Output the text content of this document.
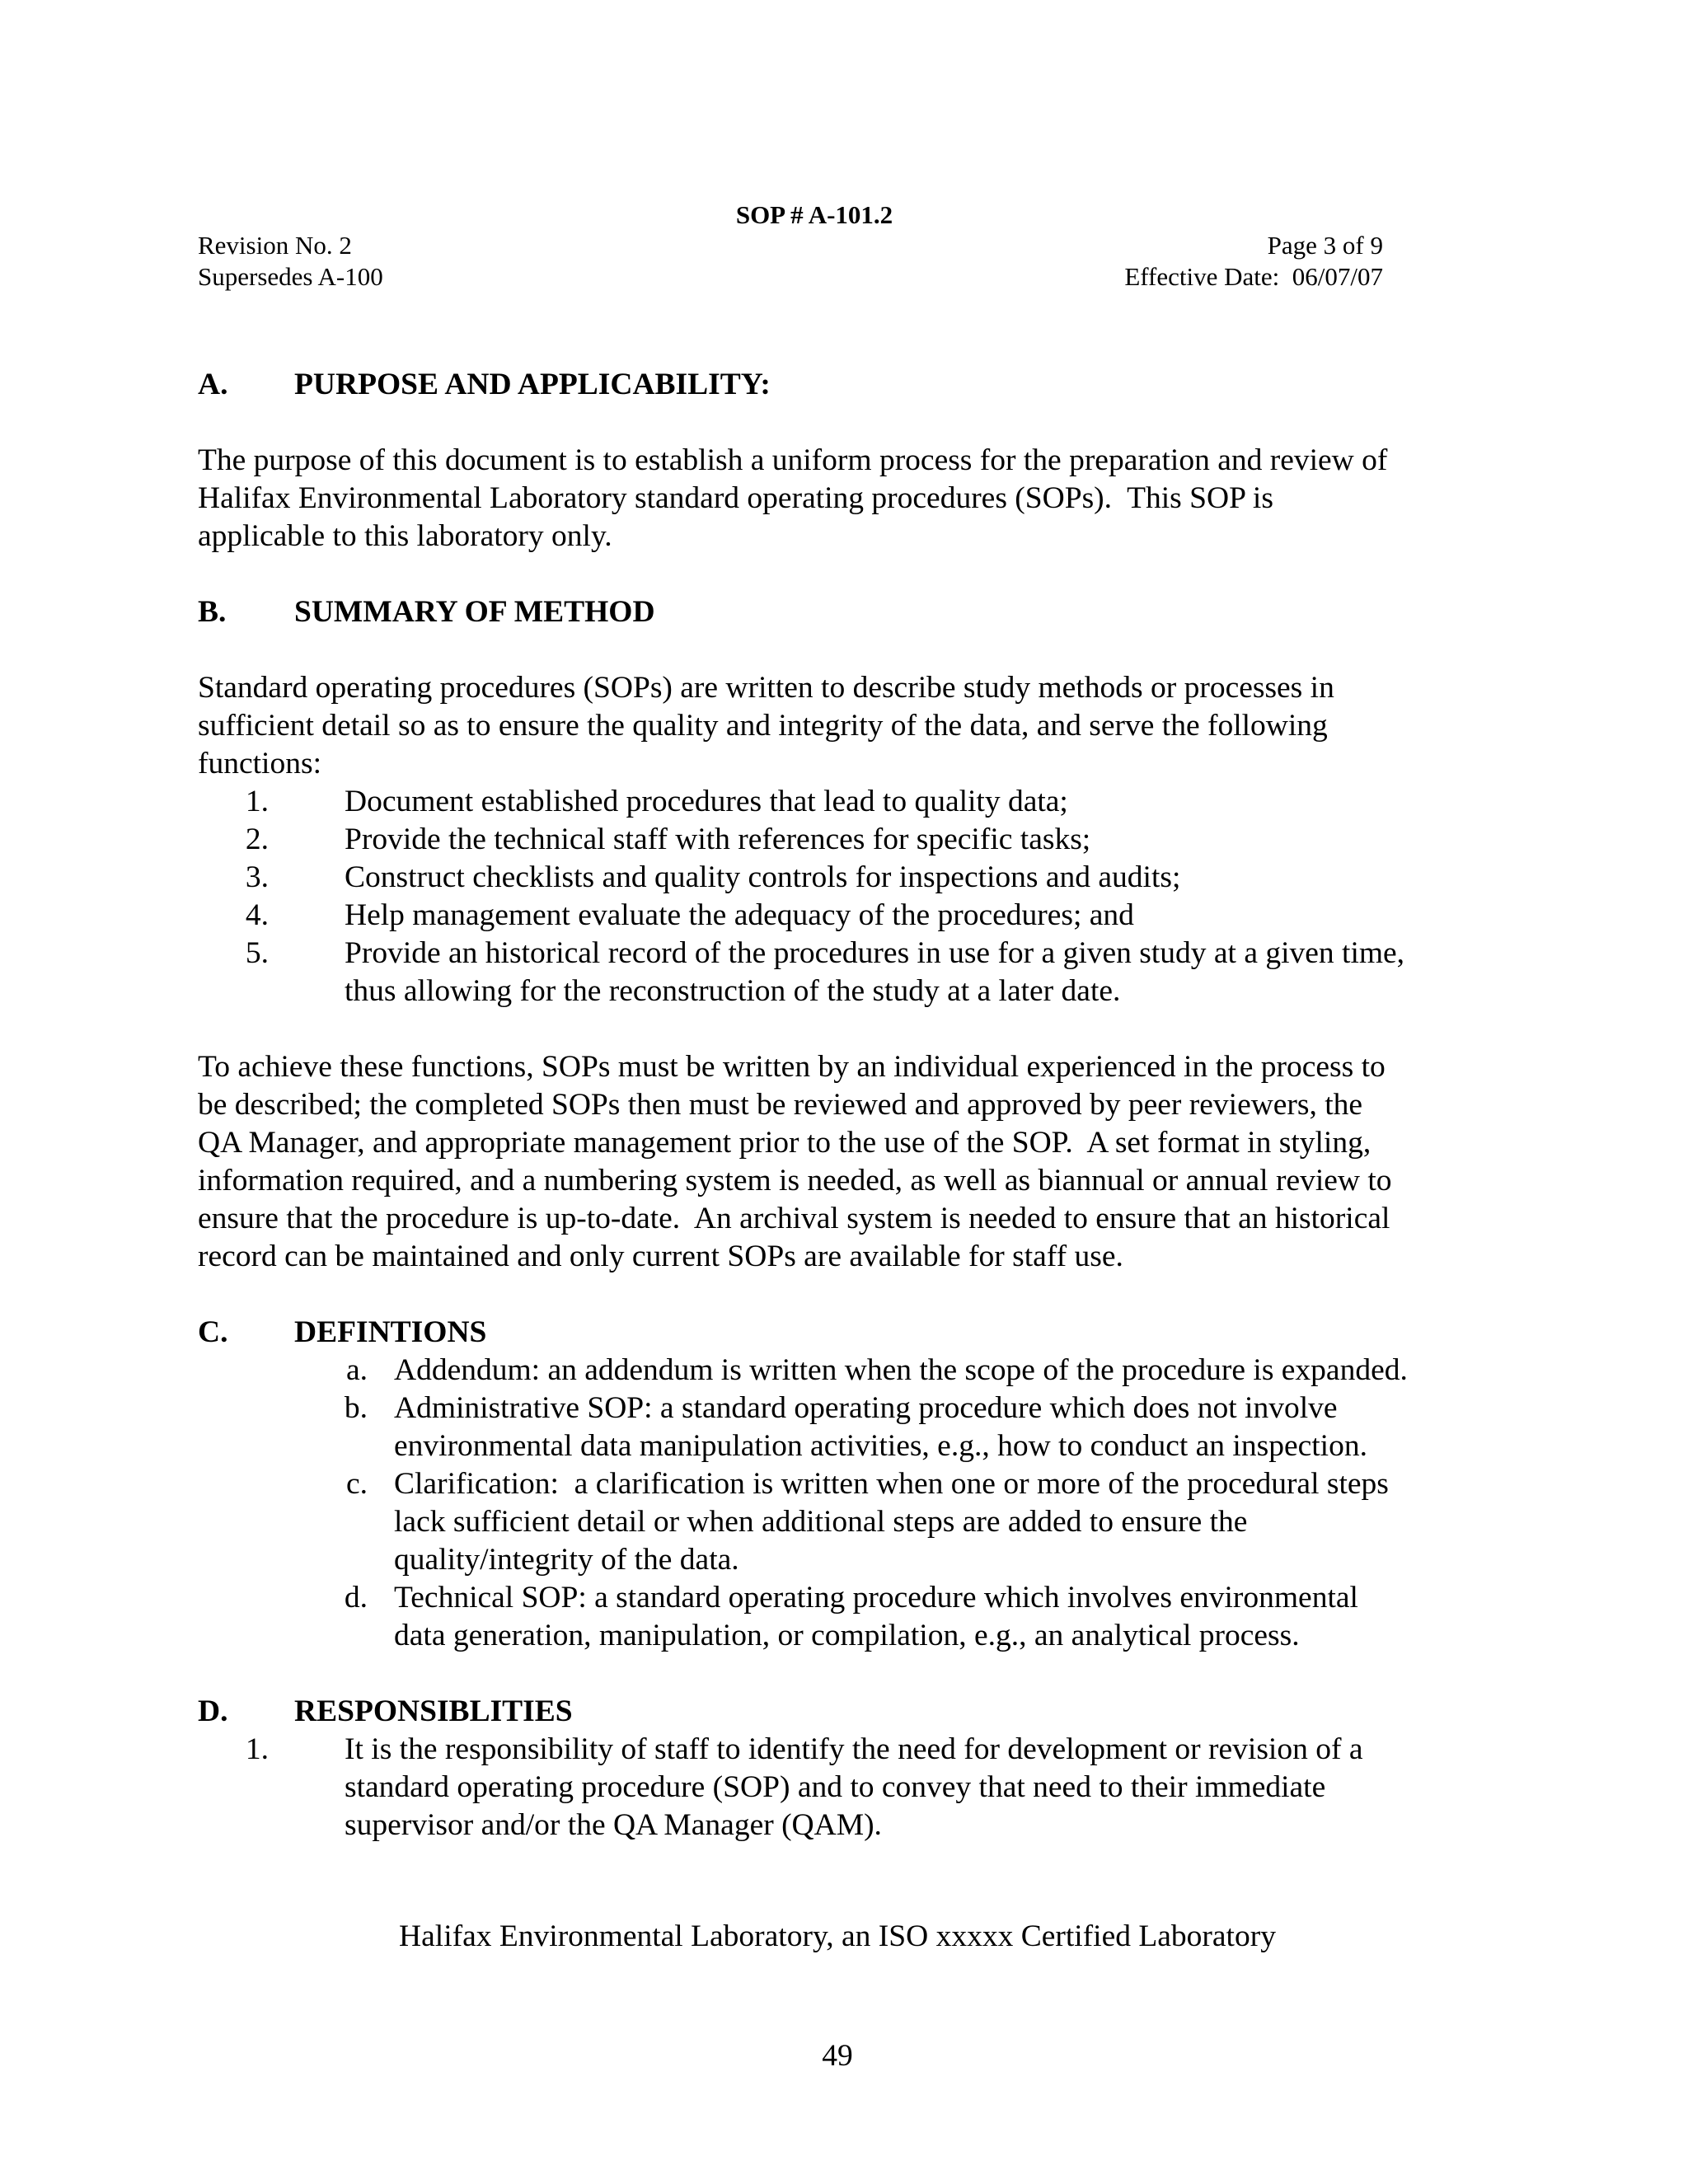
SOP # A-101.2
Revision No. 2	Page 3 of 9
Supersedes A-100	Effective Date:  06/07/07
A. PURPOSE AND APPLICABILITY:
The purpose of this document is to establish a uniform process for the preparation and review of
Halifax Environmental Laboratory standard operating procedures (SOPs).  This SOP is
applicable to this laboratory only.
B. SUMMARY OF METHOD
Standard operating procedures (SOPs) are written to describe study methods or processes in
sufficient detail so as to ensure the quality and integrity of the data, and serve the following
functions:
1. Document established procedures that lead to quality data;
2. Provide the technical staff with references for specific tasks;
3. Construct checklists and quality controls for inspections and audits;
4. Help management evaluate the adequacy of the procedures; and
5. Provide an historical record of the procedures in use for a given study at a given time,
thus allowing for the reconstruction of the study at a later date.
To achieve these functions, SOPs must be written by an individual experienced in the process to
be described; the completed SOPs then must be reviewed and approved by peer reviewers, the
QA Manager, and appropriate management prior to the use of the SOP.  A set format in styling,
information required, and a numbering system is needed, as well as biannual or annual review to
ensure that the procedure is up-to-date.  An archival system is needed to ensure that an historical
record can be maintained and only current SOPs are available for staff use.
C. DEFINTIONS
a. Addendum: an addendum is written when the scope of the procedure is expanded.
b. Administrative SOP: a standard operating procedure which does not involve
environmental data manipulation activities, e.g., how to conduct an inspection.
c. Clarification:  a clarification is written when one or more of the procedural steps
lack sufficient detail or when additional steps are added to ensure the
quality/integrity of the data.
d. Technical SOP: a standard operating procedure which involves environmental
data generation, manipulation, or compilation, e.g., an analytical process.
D. RESPONSIBLITIES
1. It is the responsibility of staff to identify the need for development or revision of a
standard operating procedure (SOP) and to convey that need to their immediate
supervisor and/or the QA Manager (QAM).
Halifax Environmental Laboratory, an ISO xxxxx Certified Laboratory
49
